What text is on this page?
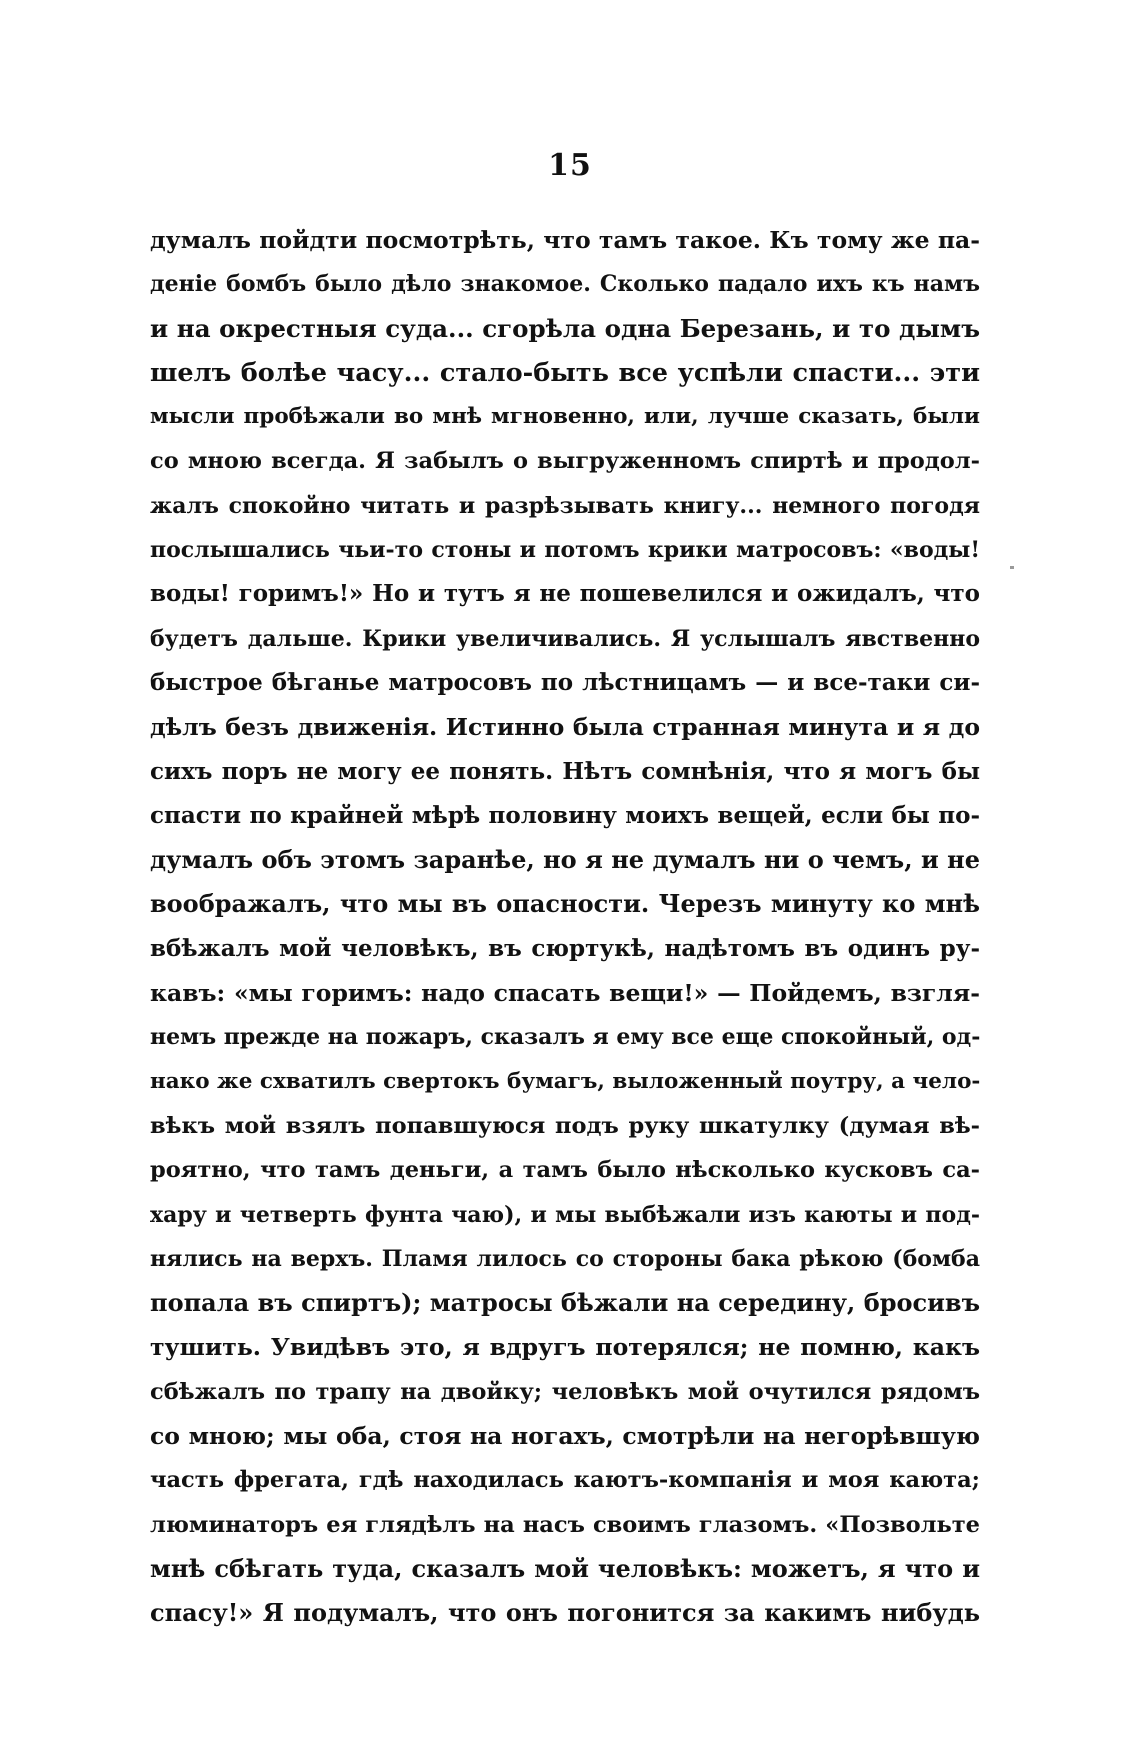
15
думалъ пойдти посмотрѣть, что тамъ такое. Къ тому же па-
деніе бомбъ было дѣло знакомое. Сколько падало ихъ къ намъ
и на окрестныя суда... сгорѣла одна Березань, и то дымъ
шелъ болѣе часу... стало-быть все успѣли спасти... эти
мысли пробѣжали во мнѣ мгновенно, или, лучше сказать, были
со мною всегда. Я забылъ о выгруженномъ спиртѣ и продол-
жалъ спокойно читать и разрѣзывать книгу... немного погодя
послышались чьи-то стоны и потомъ крики матросовъ: «воды!
воды! горимъ!» Но и тутъ я не пошевелился и ожидалъ, что
будетъ дальше. Крики увеличивались. Я услышалъ явственно
быстрое бѣганье матросовъ по лѣстницамъ — и все-таки си-
дѣлъ безъ движенія. Истинно была странная минута и я до
сихъ поръ не могу ее понять. Нѣтъ сомнѣнія, что я могъ бы
спасти по крайней мѣрѣ половину моихъ вещей, если бы по-
думалъ объ этомъ заранѣе, но я не думалъ ни о чемъ, и не
воображалъ, что мы въ опасности. Черезъ минуту ко мнѣ
вбѣжалъ мой человѣкъ, въ сюртукѣ, надѣтомъ въ одинъ ру-
кавъ: «мы горимъ: надо спасать вещи!» — Пойдемъ, взгля-
немъ прежде на пожаръ, сказалъ я ему все еще спокойный, од-
нако же схватилъ свертокъ бумагъ, выложенный поутру, а чело-
вѣкъ мой взялъ попавшуюся подъ руку шкатулку (думая вѣ-
роятно, что тамъ деньги, а тамъ было нѣсколько кусковъ са-
хару и четверть фунта чаю), и мы выбѣжали изъ каюты и под-
нялись на верхъ. Пламя лилось со стороны бака рѣкою (бомба
попала въ спиртъ); матросы бѣжали на середину, бросивъ
тушить. Увидѣвъ это, я вдругъ потерялся; не помню, какъ
сбѣжалъ по трапу на двойку; человѣкъ мой очутился рядомъ
со мною; мы оба, стоя на ногахъ, смотрѣли на негорѣвшую
часть фрегата, гдѣ находилась каютъ-компанія и моя каюта;
люминаторъ ея глядѣлъ на насъ своимъ глазомъ. «Позвольте
мнѣ сбѣгать туда, сказалъ мой человѣкъ: можетъ, я что и
спасу!» Я подумалъ, что онъ погонится за какимъ нибудь
